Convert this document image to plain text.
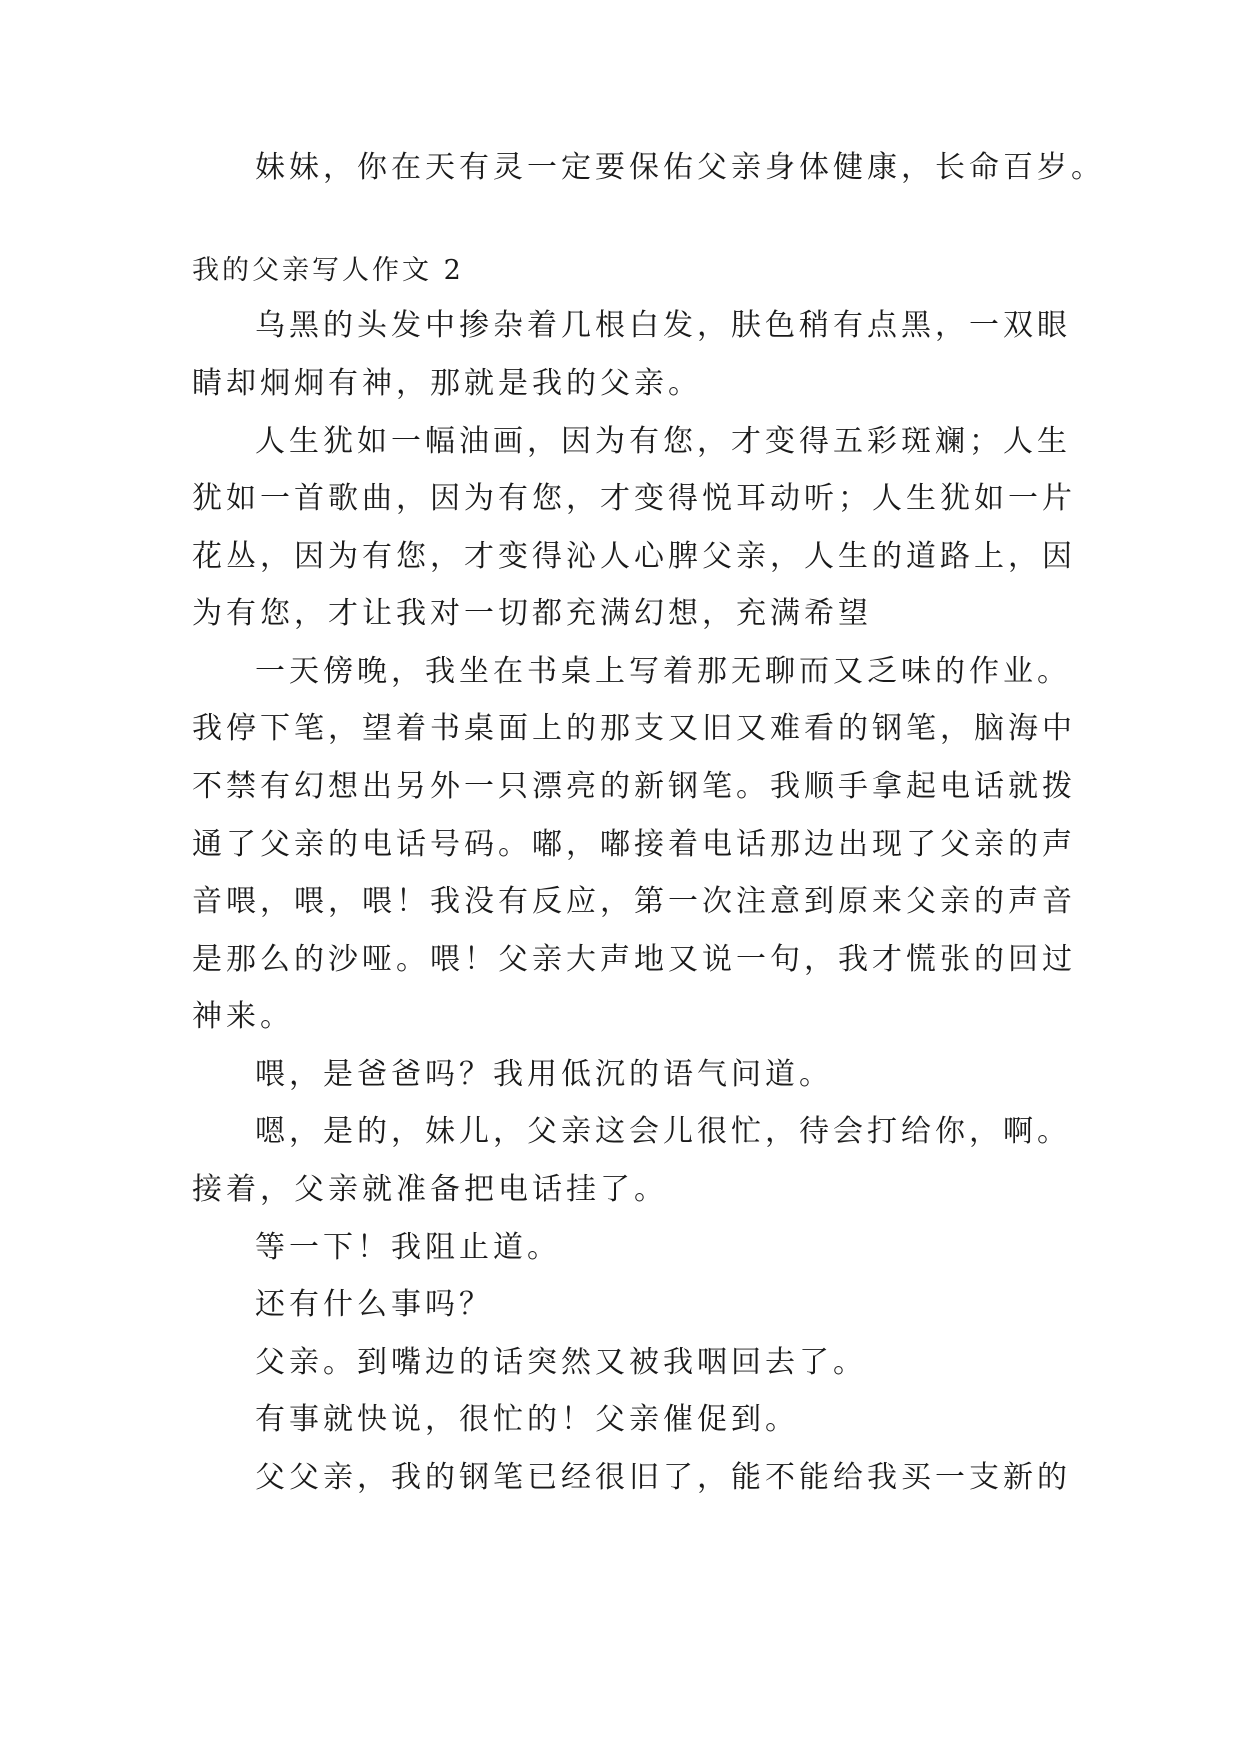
妹妹，你在天有灵一定要保佑父亲身体健康，长命百岁。
我的父亲写人作文 2
乌黑的头发中掺杂着几根白发，肤色稍有点黑，一双眼
睛却炯炯有神，那就是我的父亲。
人生犹如一幅油画，因为有您，才变得五彩斑斓；人生
犹如一首歌曲，因为有您，才变得悦耳动听；人生犹如一片
花丛，因为有您，才变得沁人心脾父亲，人生的道路上，因
为有您，才让我对一切都充满幻想，充满希望
一天傍晚，我坐在书桌上写着那无聊而又乏味的作业。
我停下笔，望着书桌面上的那支又旧又难看的钢笔，脑海中
不禁有幻想出另外一只漂亮的新钢笔。我顺手拿起电话就拨
通了父亲的电话号码。嘟，嘟接着电话那边出现了父亲的声
音喂，喂，喂！我没有反应，第一次注意到原来父亲的声音
是那么的沙哑。喂！父亲大声地又说一句，我才慌张的回过
神来。
喂，是爸爸吗？我用低沉的语气问道。
嗯，是的，妹儿，父亲这会儿很忙，待会打给你，啊。
接着，父亲就准备把电话挂了。
等一下！我阻止道。
还有什么事吗？
父亲。到嘴边的话突然又被我咽回去了。
有事就快说，很忙的！父亲催促到。
父父亲，我的钢笔已经很旧了，能不能给我买一支新的
